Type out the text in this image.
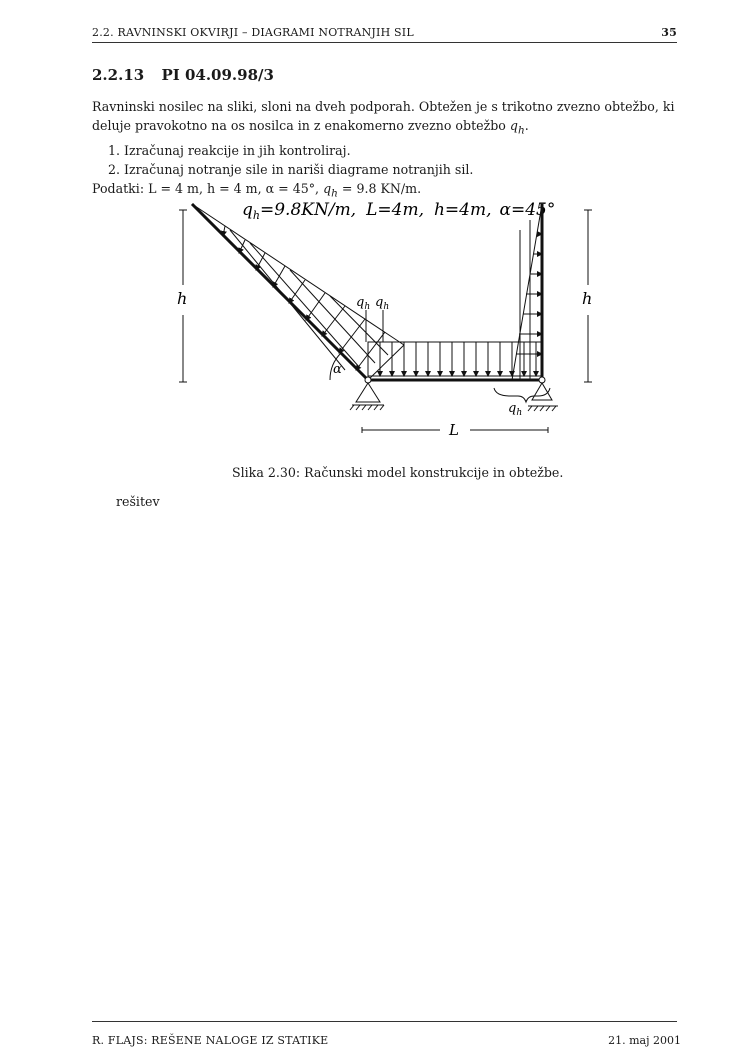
2.2. RAVNINSKI OKVIRJI – DIAGRAMI NOTRANJIH SIL	35
2.2.13 PI 04.09.98/3

Ravninski nosilec na sliki, sloni na dveh podporah. Obtežen je s trikotno zvezno obtežbo, ki deluje pravokotno na os nosilca in z enakomerno zvezno obtežbo $q_h$.

1. Izračunaj reakcije in jih kontroliraj.

2. Izračunaj notranje sile in nariši diagrame notranjih sil.

Podatki: L = 4 m, h = 4 m, α = 45°, $q_h = 9.8$ KN/m.

$q_h=9.8KN/m$, L=4m, h=4m, α=45°
h	h
α
$q_h$ $q_h$
$q_h$
L
Slika 2.30: Računski model konstrukcije in obtežbe.
rešitev
R. FLAJS: REŠENE NALOGE IZ STATIKE	21. maj 2001
